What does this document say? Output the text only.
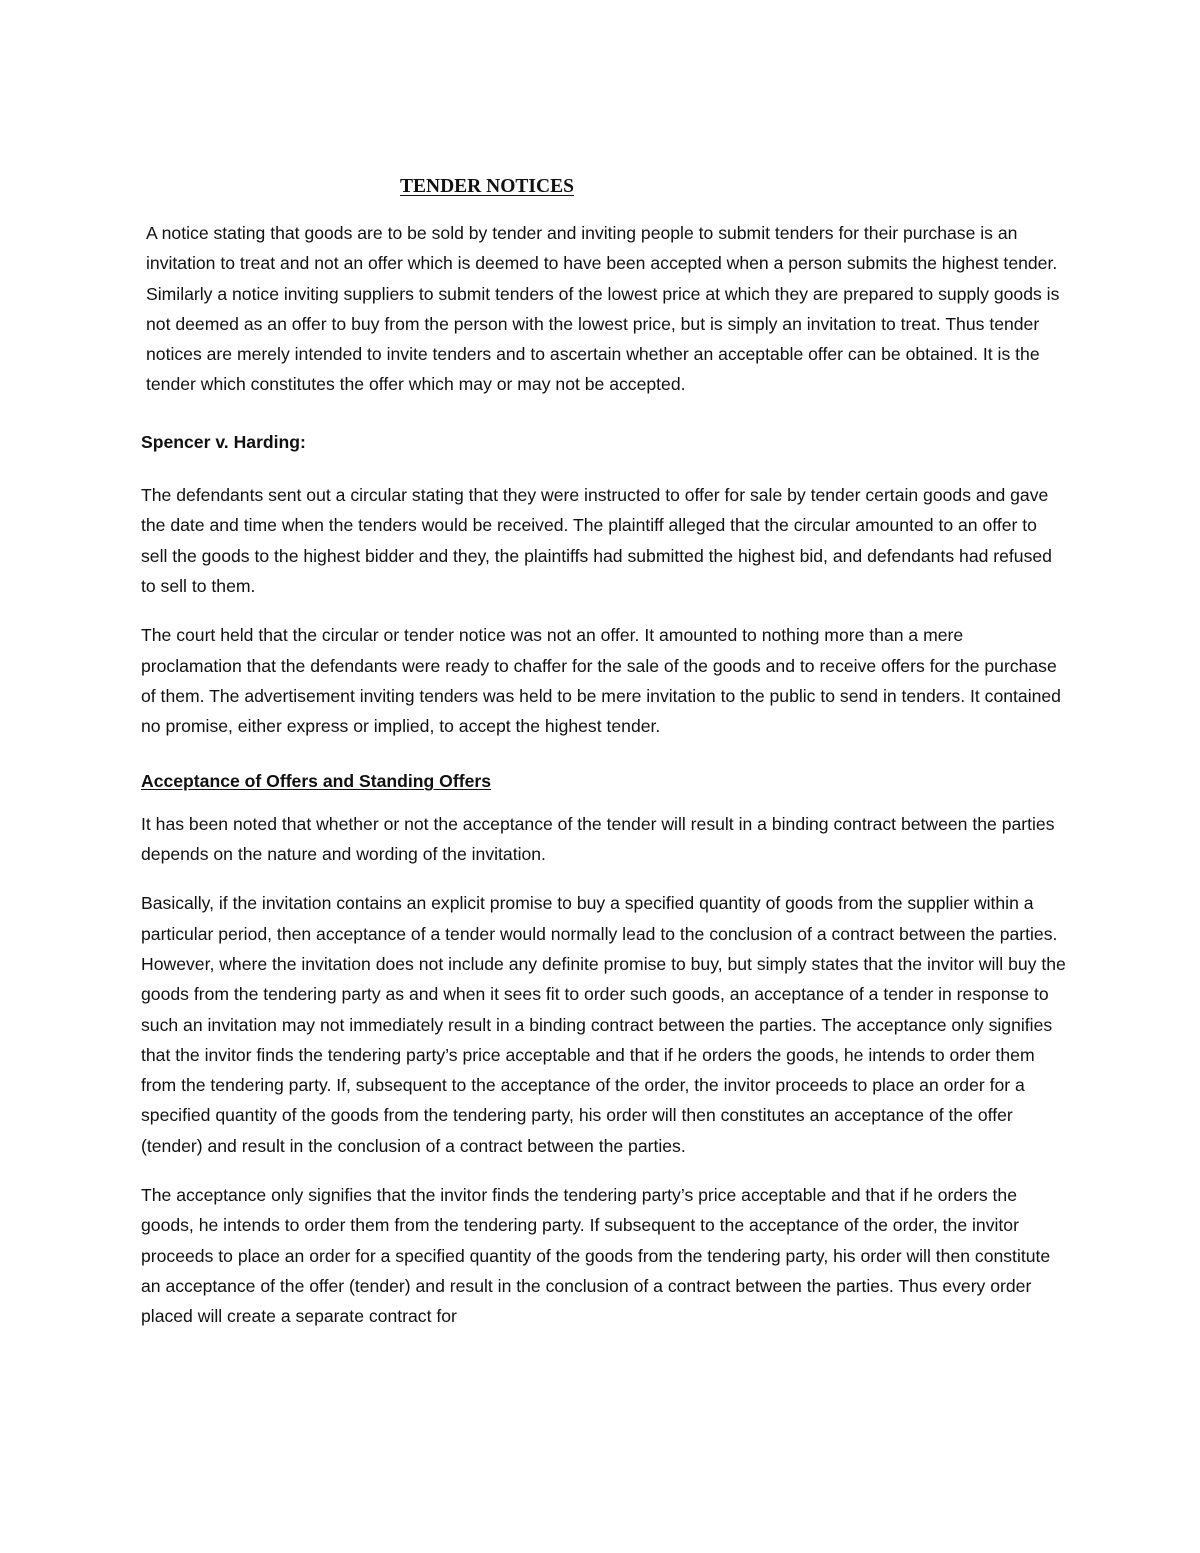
TENDER NOTICES

A notice stating that goods are to be sold by tender and inviting people to submit tenders for their purchase is an invitation to treat and not an offer which is deemed to have been accepted when a person submits the highest tender. Similarly a notice inviting suppliers to submit tenders of the lowest price at which they are prepared to supply goods is not deemed as an offer to buy from the person with the lowest price, but is simply an invitation to treat. Thus tender notices are merely intended to invite tenders and to ascertain whether an acceptable offer can be obtained. It is the tender which constitutes the offer which may or may not be accepted.

Spencer v. Harding:

The defendants sent out a circular stating that they were instructed to offer for sale by tender certain goods and gave the date and time when the tenders would be received. The plaintiff alleged that the circular amounted to an offer to sell the goods to the highest bidder and they, the plaintiffs had submitted the highest bid, and defendants had refused to sell to them.

The court held that the circular or tender notice was not an offer. It amounted to nothing more than a mere proclamation that the defendants were ready to chaffer for the sale of the goods and to receive offers for the purchase of them. The advertisement inviting tenders was held to be mere invitation to the public to send in tenders. It contained no promise, either express or implied, to accept the highest tender.

Acceptance of Offers and Standing Offers

It has been noted that whether or not the acceptance of the tender will result in a binding contract between the parties depends on the nature and wording of the invitation.

Basically, if the invitation contains an explicit promise to buy a specified quantity of goods from the supplier within a particular period, then acceptance of a tender would normally lead to the conclusion of a contract between the parties. However, where the invitation does not include any definite promise to buy, but simply states that the invitor will buy the goods from the tendering party as and when it sees fit to order such goods, an acceptance of a tender in response to such an invitation may not immediately result in a binding contract between the parties. The acceptance only signifies that the invitor finds the tendering party’s price acceptable and that if he orders the goods, he intends to order them from the tendering party. If, subsequent to the acceptance of the order, the invitor proceeds to place an order for a specified quantity of the goods from the tendering party, his order will then constitutes an acceptance of the offer (tender) and result in the conclusion of a contract between the parties.

The acceptance only signifies that the invitor finds the tendering party’s price acceptable and that if he orders the goods, he intends to order them from the tendering party. If subsequent to the acceptance of the order, the invitor proceeds to place an order for a specified quantity of the goods from the tendering party, his order will then constitute an acceptance of the offer (tender) and result in the conclusion of a contract between the parties. Thus every order placed will create a separate contract for
